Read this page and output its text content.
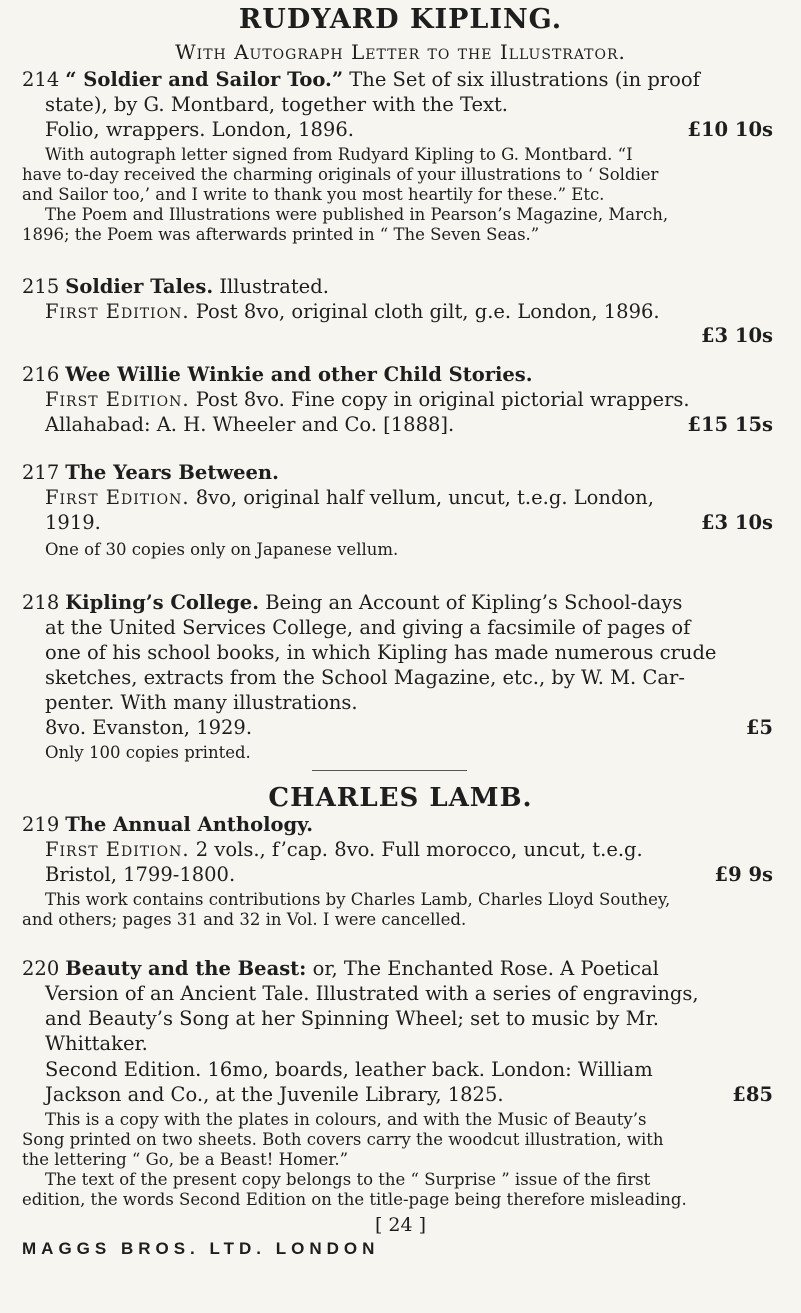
RUDYARD KIPLING.
With Autograph Letter to the Illustrator.
214 “ Soldier and Sailor Too.” The Set of six illustrations (in proof
state), by G. Montbard, together with the Text.
Folio, wrappers. London, 1896.	£10 10s
With autograph letter signed from Rudyard Kipling to G. Montbard. “I
have to-day received the charming originals of your illustrations to ‘ Soldier
and Sailor too,’ and I write to thank you most heartily for these.” Etc.
The Poem and Illustrations were published in Pearson’s Magazine, March,
1896; the Poem was afterwards printed in “ The Seven Seas.”
215 Soldier Tales. Illustrated.
First Edition. Post 8vo, original cloth gilt, g.e. London, 1896.
£3 10s
216 Wee Willie Winkie and other Child Stories.
First Edition. Post 8vo. Fine copy in original pictorial wrappers.
Allahabad: A. H. Wheeler and Co. [1888].	£15 15s
217 The Years Between.
First Edition. 8vo, original half vellum, uncut, t.e.g. London,
1919.	£3 10s
One of 30 copies only on Japanese vellum.
218 Kipling’s College. Being an Account of Kipling’s School-days
at the United Services College, and giving a facsimile of pages of
one of his school books, in which Kipling has made numerous crude
sketches, extracts from the School Magazine, etc., by W. M. Car-
penter. With many illustrations.
8vo. Evanston, 1929.	£5
Only 100 copies printed.
CHARLES LAMB.
219 The Annual Anthology.
First Edition. 2 vols., f’cap. 8vo. Full morocco, uncut, t.e.g.
Bristol, 1799-1800.	£9 9s
This work contains contributions by Charles Lamb, Charles Lloyd Southey,
and others; pages 31 and 32 in Vol. I were cancelled.
220 Beauty and the Beast: or, The Enchanted Rose. A Poetical
Version of an Ancient Tale. Illustrated with a series of engravings,
and Beauty’s Song at her Spinning Wheel; set to music by Mr.
Whittaker.
Second Edition. 16mo, boards, leather back. London: William
Jackson and Co., at the Juvenile Library, 1825.	£85
This is a copy with the plates in colours, and with the Music of Beauty’s
Song printed on two sheets. Both covers carry the woodcut illustration, with
the lettering “ Go, be a Beast! Homer.”
The text of the present copy belongs to the “ Surprise ” issue of the first
edition, the words Second Edition on the title-page being therefore misleading.
[ 24 ]
MAGGS BROS. LTD. LONDON
